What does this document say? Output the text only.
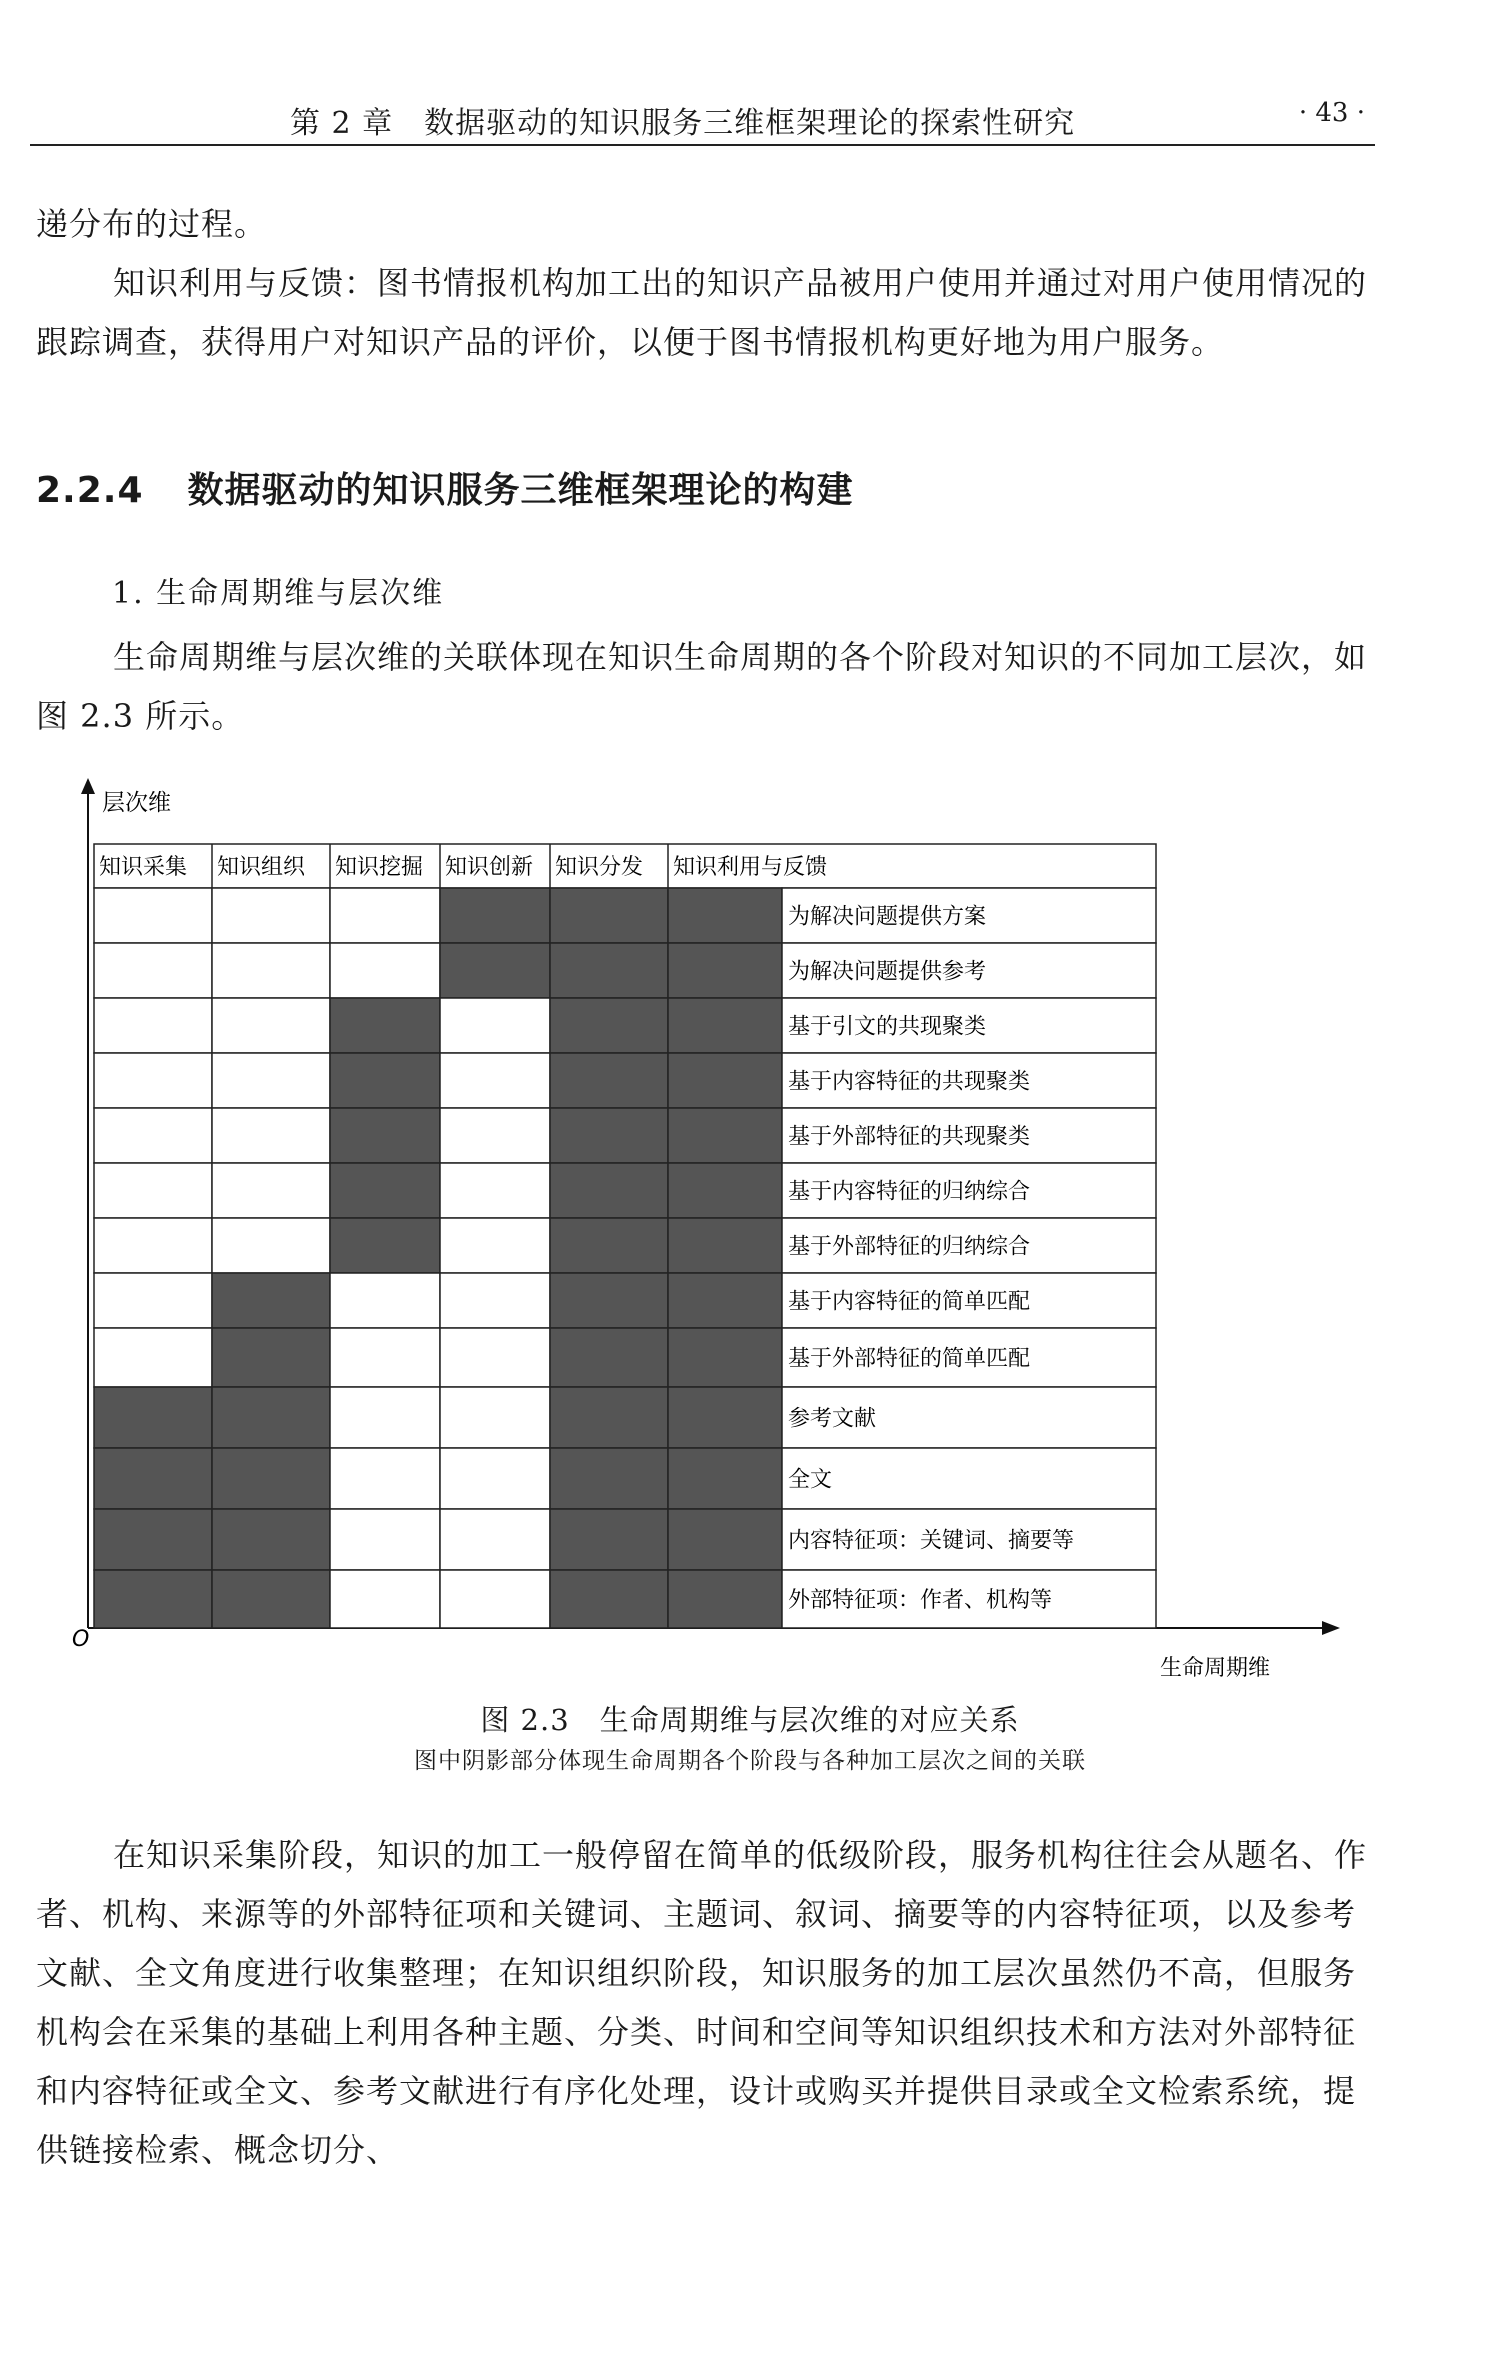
第 2 章　数据驱动的知识服务三维框架理论的探索性研究	· 43 ·

递分布的过程。

知识利用与反馈：图书情报机构加工出的知识产品被用户使用并通过对用户使用情况的跟踪调查，获得用户对知识产品的评价，以便于图书情报机构更好地为用户服务。

2.2.4 数据驱动的知识服务三维框架理论的构建
1. 生命周期维与层次维

生命周期维与层次维的关联体现在知识生命周期的各个阶段对知识的不同加工层次，如图 2.3 所示。

层次维
生命周期维
O
知识采集 知识组织 知识挖掘 知识创新 知识分发 知识利用与反馈
为解决问题提供方案
为解决问题提供参考
基于引文的共现聚类
基于内容特征的共现聚类
基于外部特征的共现聚类
基于内容特征的归纳综合
基于外部特征的归纳综合
基于内容特征的简单匹配
基于外部特征的简单匹配
参考文献
全文
内容特征项：关键词、摘要等
外部特征项：作者、机构等
图 2.3　生命周期维与层次维的对应关系
图中阴影部分体现生命周期各个阶段与各种加工层次之间的关联

在知识采集阶段，知识的加工一般停留在简单的低级阶段，服务机构往往会从题名、作者、机构、来源等的外部特征项和关键词、主题词、叙词、摘要等的内容特征项，以及参考文献、全文角度进行收集整理；在知识组织阶段，知识服务的加工层次虽然仍不高，但服务机构会在采集的基础上利用各种主题、分类、时间和空间等知识组织技术和方法对外部特征和内容特征或全文、参考文献进行有序化处理，设计或购买并提供目录或全文检索系统，提供链接检索、概念切分、
